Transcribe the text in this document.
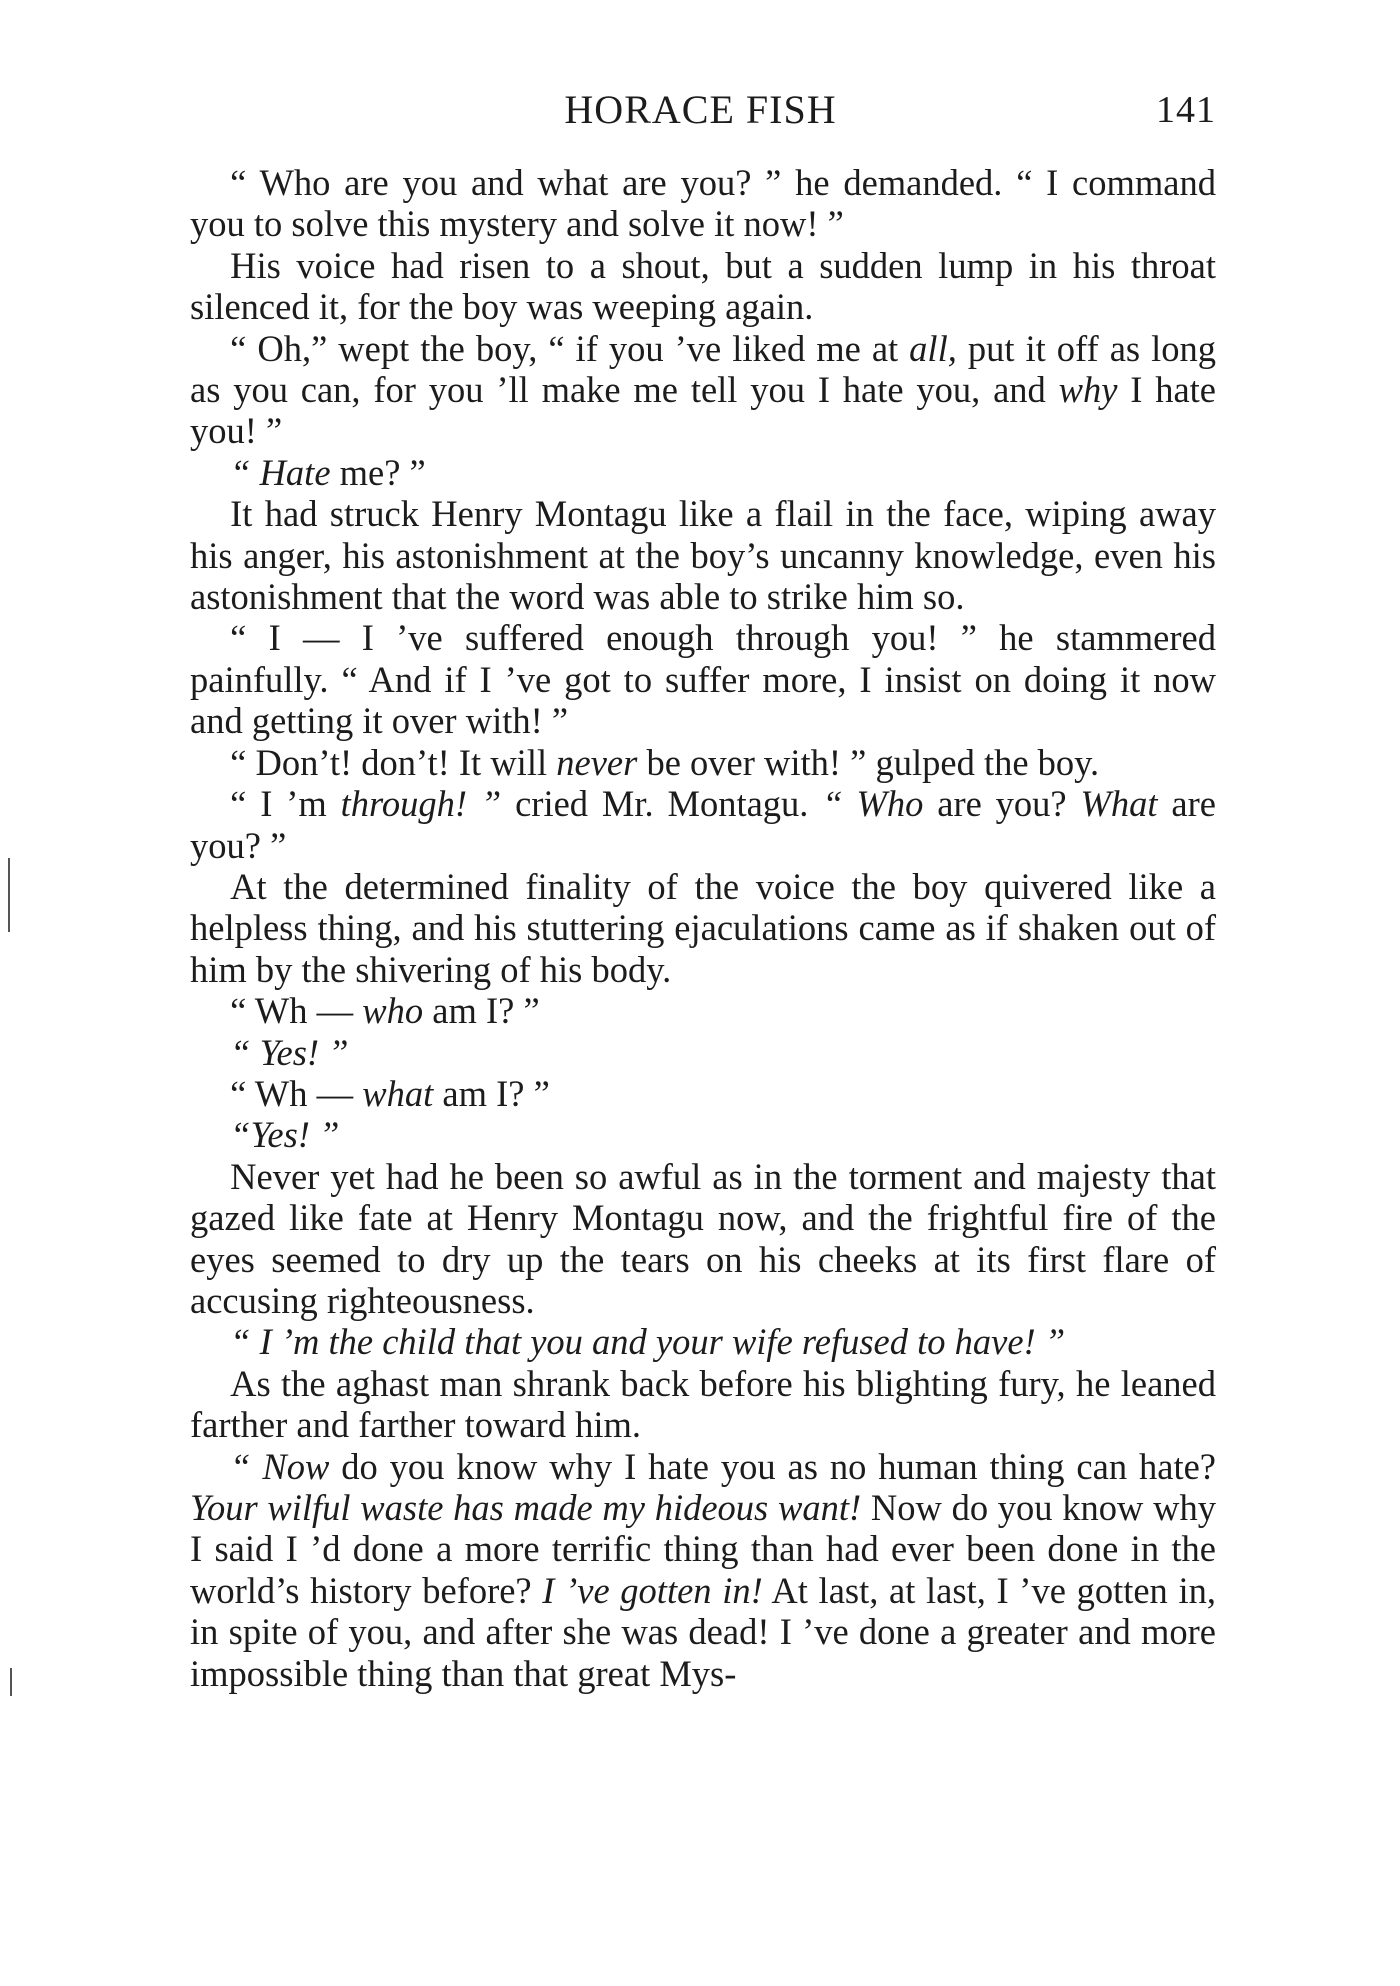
HORACE FISH	141

“ Who are you and what are you? ” he demanded. “ I command you to solve this mystery and solve it now! ”

His voice had risen to a shout, but a sudden lump in his throat silenced it, for the boy was weeping again.

“ Oh,” wept the boy, “ if you ’ve liked me at all, put it off as long as you can, for you ’ll make me tell you I hate you, and why I hate you! ”

“ Hate me? ”

It had struck Henry Montagu like a flail in the face, wiping away his anger, his astonishment at the boy’s uncanny knowledge, even his astonishment that the word was able to strike him so.

“ I — I ’ve suffered enough through you! ” he stammered painfully. “ And if I ’ve got to suffer more, I insist on doing it now and getting it over with! ”

“ Don’t! don’t! It will never be over with! ” gulped the boy.

“ I ’m through! ” cried Mr. Montagu. “ Who are you? What are you? ”

At the determined finality of the voice the boy quivered like a helpless thing, and his stuttering ejaculations came as if shaken out of him by the shivering of his body.

“ Wh — who am I? ”

“ Yes! ”

“ Wh — what am I? ”

“Yes! ”

Never yet had he been so awful as in the torment and majesty that gazed like fate at Henry Montagu now, and the frightful fire of the eyes seemed to dry up the tears on his cheeks at its first flare of accusing righteousness.

“ I ’m the child that you and your wife refused to have! ”

As the aghast man shrank back before his blighting fury, he leaned farther and farther toward him.

“ Now do you know why I hate you as no human thing can hate? Your wilful waste has made my hideous want! Now do you know why I said I ’d done a more terrific thing than had ever been done in the world’s history before? I ’ve gotten in! At last, at last, I ’ve gotten in, in spite of you, and after she was dead! I ’ve done a greater and more impossible thing than that great Mys-
